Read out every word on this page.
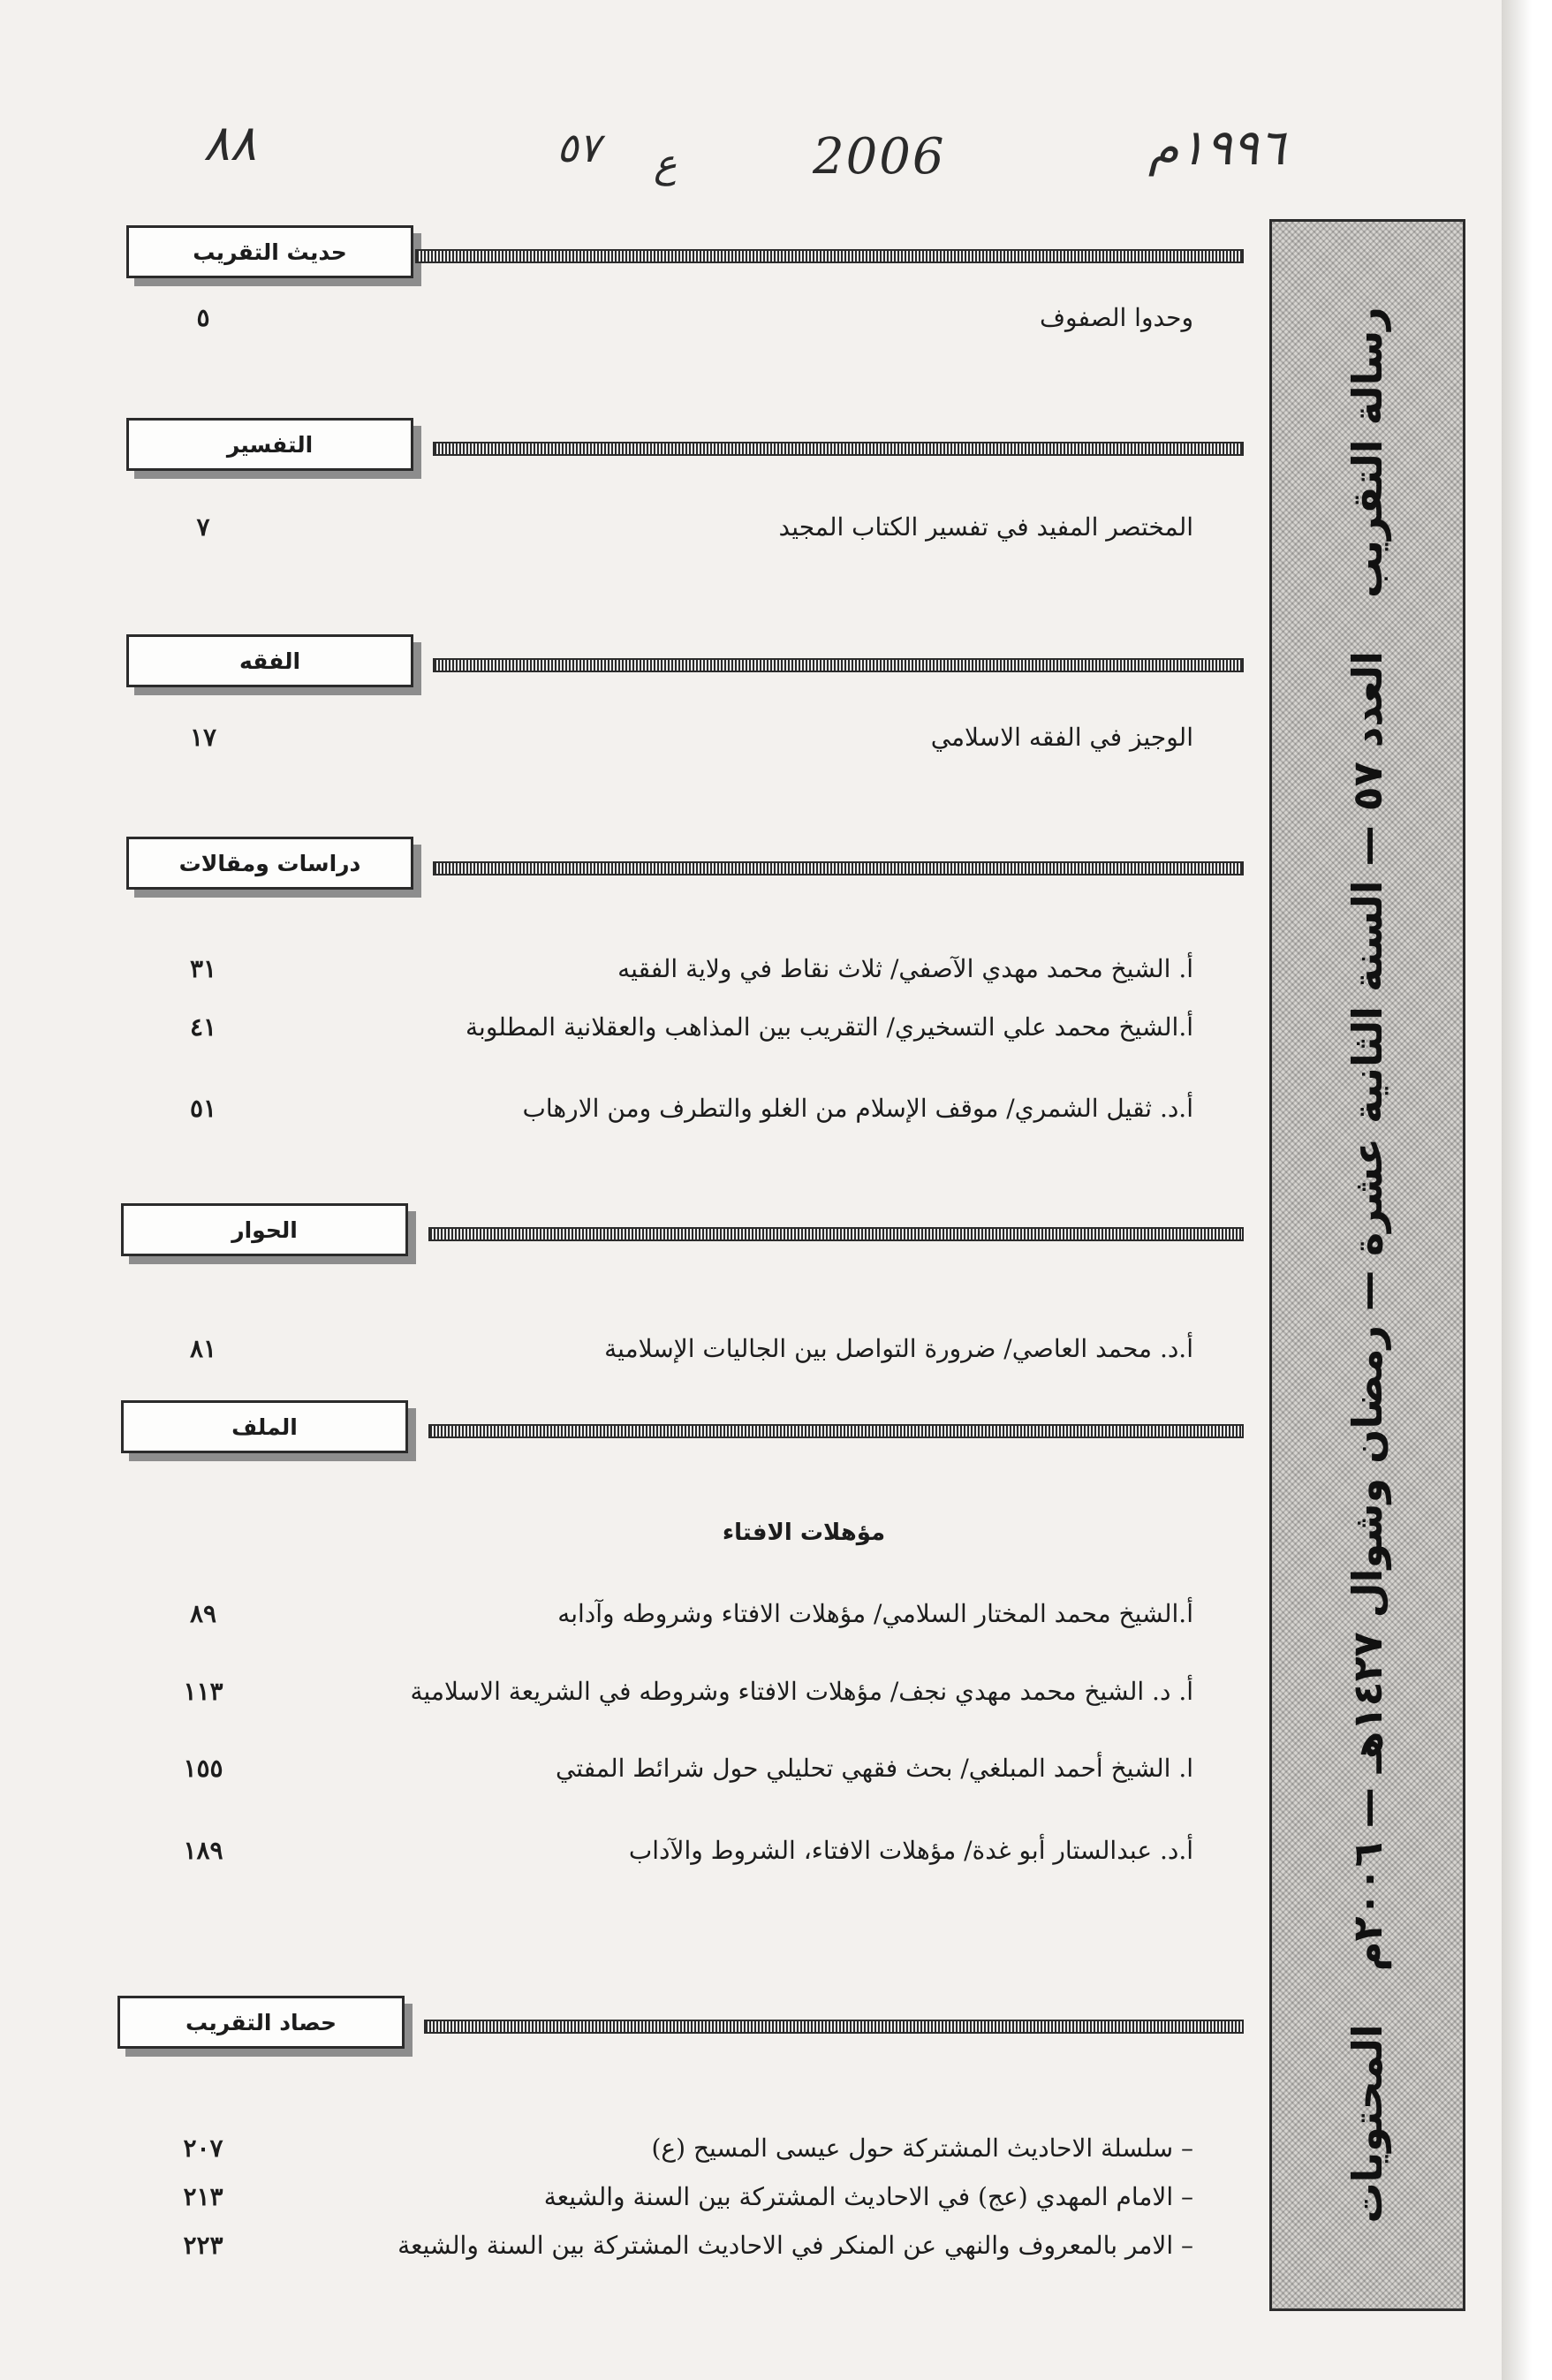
٨٨	٥٧ ع	2006	١٩٩٦م
رسالة التقريب
العدد ٥٧ — السنة الثانية عشرة — رمضان وشوال ١٤٢٧هـ — ٢٠٠٦م
المحتويات
حديث التقريب
وحدوا الصفوف
٥
التفسير
المختصر المفيد في تفسير الكتاب المجيد
٧
الفقه
الوجيز في الفقه الاسلامي
١٧
دراسات ومقالات
أ. الشيخ محمد مهدي الآصفي/ ثلاث نقاط في ولاية الفقيه
٣١
أ.الشيخ محمد علي التسخيري/ التقريب بين المذاهب والعقلانية المطلوبة
٤١
أ.د. ثقيل الشمري/ موقف الإسلام من الغلو والتطرف ومن الارهاب
٥١
الحوار
أ.د. محمد العاصي/ ضرورة التواصل بين الجاليات الإسلامية
٨١
الملف
مؤهلات الافتاء
أ.الشيخ محمد المختار السلامي/ مؤهلات الافتاء وشروطه وآدابه
٨٩
أ. د. الشيخ محمد مهدي نجف/ مؤهلات الافتاء وشروطه في الشريعة الاسلامية
١١٣
ا. الشيخ أحمد المبلغي/ بحث فقهي تحليلي حول شرائط المفتي
١٥٥
أ.د. عبدالستار أبو غدة/ مؤهلات الافتاء، الشروط والآداب
١٨٩
حصاد التقريب
– سلسلة الاحاديث المشتركة حول عيسى المسيح (ع)
٢٠٧
– الامام المهدي (عج) في الاحاديث المشتركة بين السنة والشيعة
٢١٣
– الامر بالمعروف والنهي عن المنكر في الاحاديث المشتركة بين السنة والشيعة
٢٢٣
